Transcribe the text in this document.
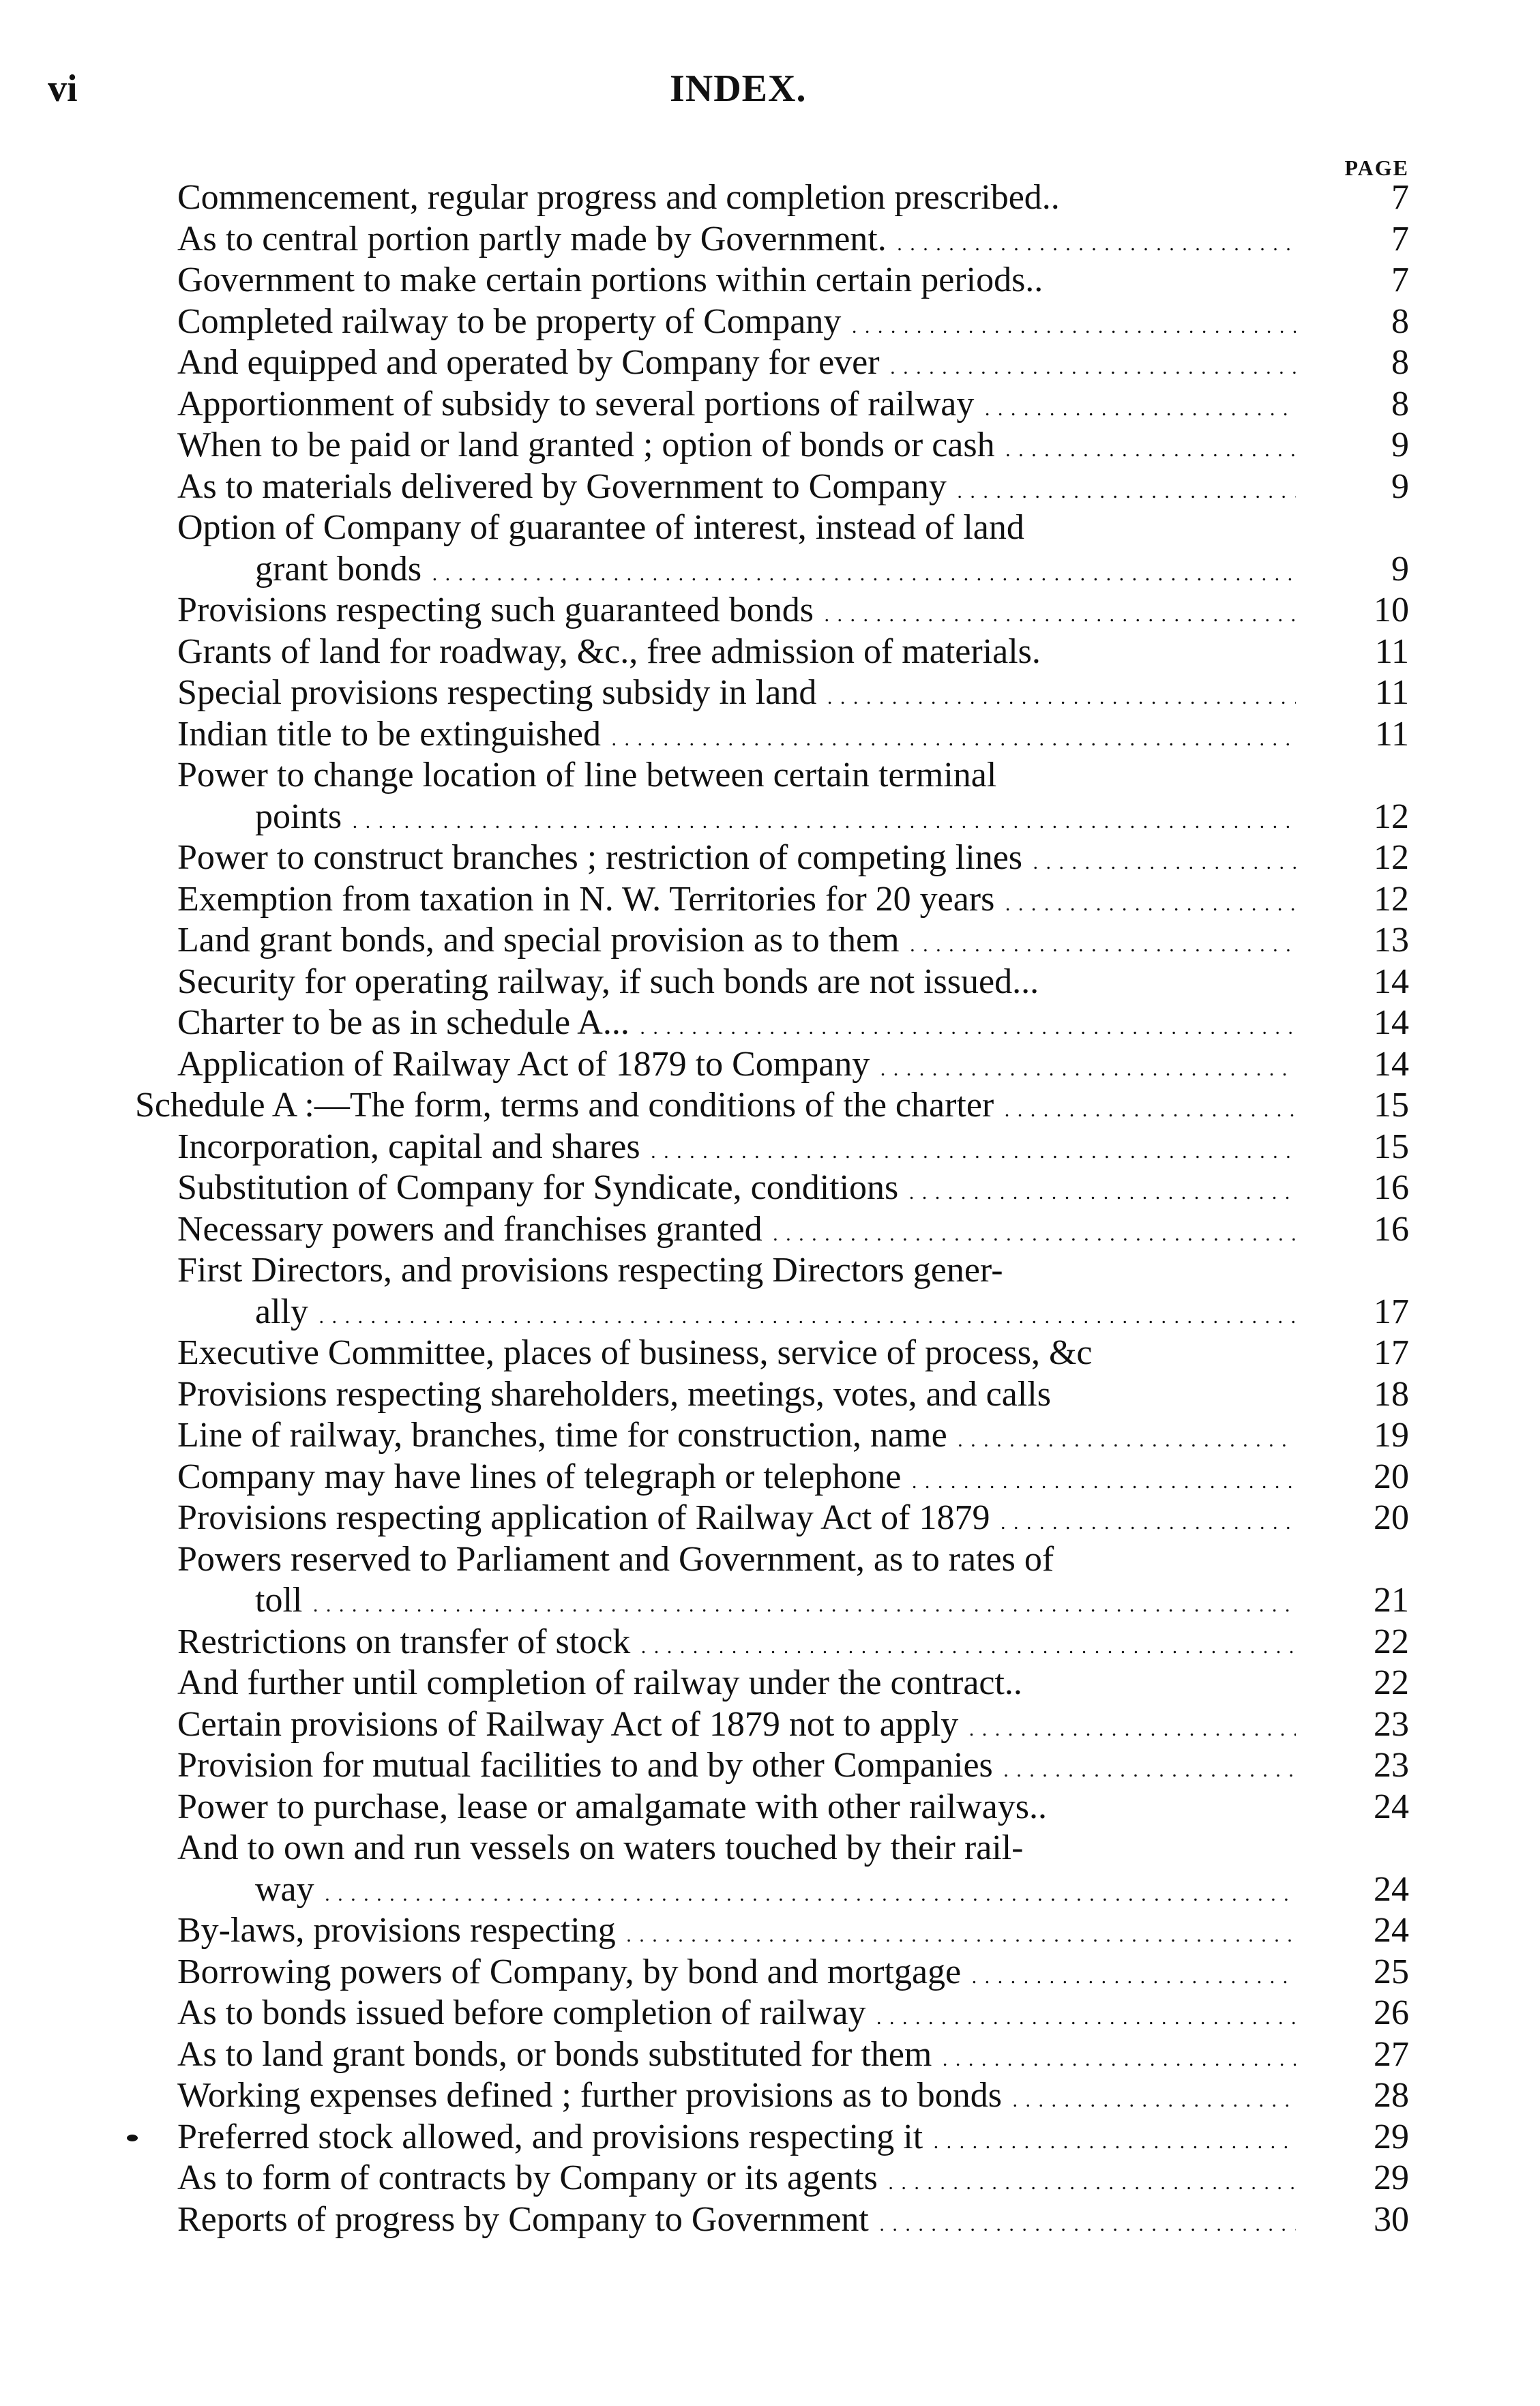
vi	INDEX.
PAGE
Commencement, regular progress and completion prescribed..	7
As to central portion partly made by Government. . . .	7
Government to make certain portions within certain periods..	7
Completed railway to be property of Company . . .	8
And equipped and operated by Company for ever . . .	8
Apportionment of subsidy to several portions of railway . . .	8
When to be paid or land granted ; option of bonds or cash . . .	9
As to materials delivered by Government to Company . . .	9
Option of Company of guarantee of interest, instead of land
grant bonds . . .	9
Provisions respecting such guaranteed bonds . . .	10
Grants of land for roadway, &c., free admission of materials.	11
Special provisions respecting subsidy in land . . .	11
Indian title to be extinguished . . .	11
Power to change location of line between certain terminal
points . . .	12
Power to construct branches ; restriction of competing lines . . .	12
Exemption from taxation in N. W. Territories for 20 years . . .	12
Land grant bonds, and special provision as to them . . .	13
Security for operating railway, if such bonds are not issued...	14
Charter to be as in schedule A... . . .	14
Application of Railway Act of 1879 to Company . . .	14
Schedule A :—The form, terms and conditions of the charter . . .	15
Incorporation, capital and shares . . .	15
Substitution of Company for Syndicate, conditions . . .	16
Necessary powers and franchises granted . . .	16
First Directors, and provisions respecting Directors gener-
ally . . .	17
Executive Committee, places of business, service of process, &c	17
Provisions respecting shareholders, meetings, votes, and calls	18
Line of railway, branches, time for construction, name . . .	19
Company may have lines of telegraph or telephone . . .	20
Provisions respecting application of Railway Act of 1879 . . .	20
Powers reserved to Parliament and Government, as to rates of
toll . . .	21
Restrictions on transfer of stock . . .	22
And further until completion of railway under the contract..	22
Certain provisions of Railway Act of 1879 not to apply . . .	23
Provision for mutual facilities to and by other Companies . . .	23
Power to purchase, lease or amalgamate with other railways..	24
And to own and run vessels on waters touched by their rail-
way . . .	24
By-laws, provisions respecting . . .	24
Borrowing powers of Company, by bond and mortgage . . .	25
As to bonds issued before completion of railway . . .	26
As to land grant bonds, or bonds substituted for them . . .	27
Working expenses defined ; further provisions as to bonds . . .	28
Preferred stock allowed, and provisions respecting it . . .	29
As to form of contracts by Company or its agents . . .	29
Reports of progress by Company to Government . . .	30
